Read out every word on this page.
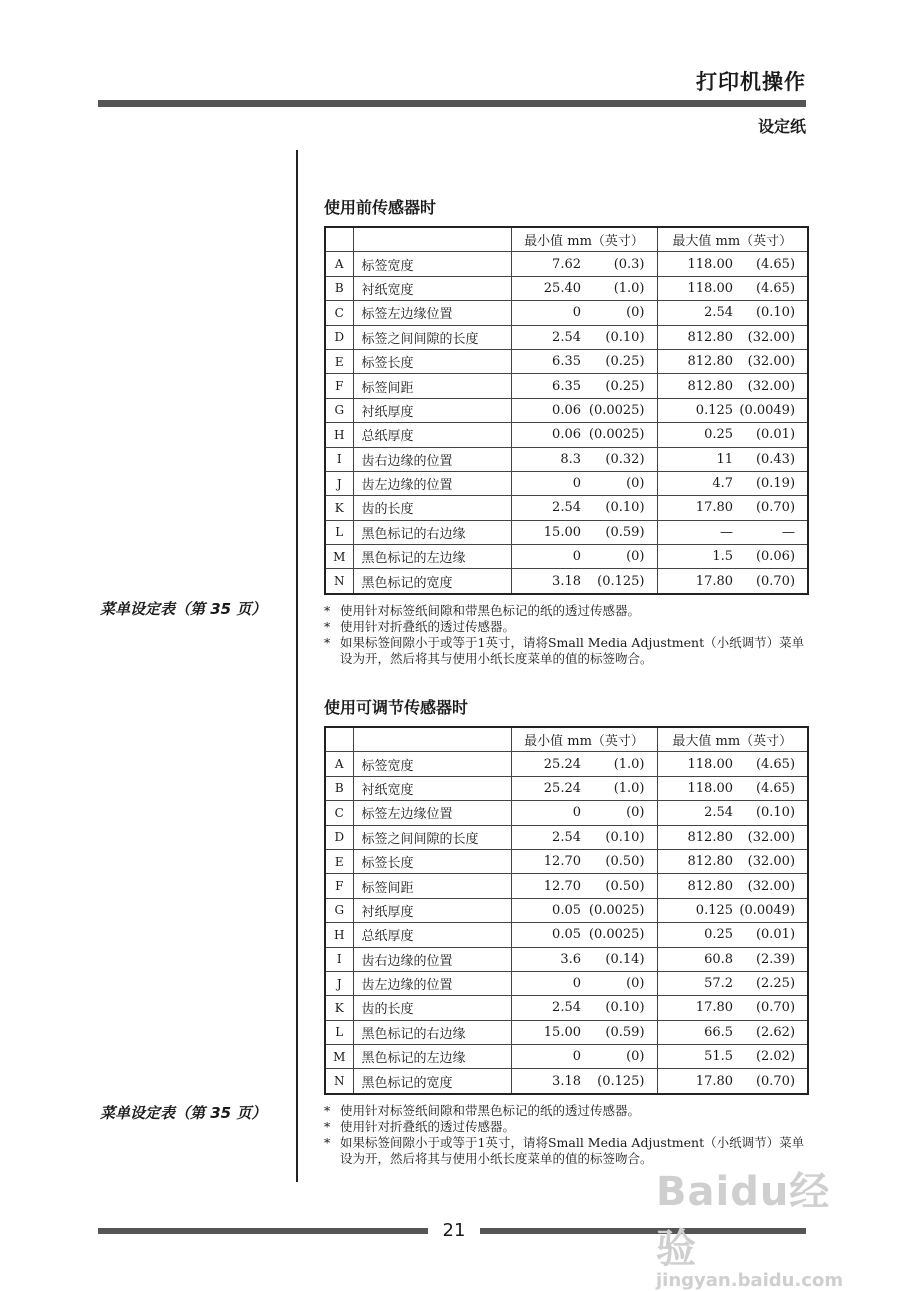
打印机操作
设定纸
菜单设定表（第 35 页）
菜单设定表（第 35 页）
使用前传感器时
		最小值 mm（英寸）		最大值 mm（英寸）	
A	标签宽度	7.62	(0.3)	118.00	(4.65)
B	衬纸宽度	25.40	(1.0)	118.00	(4.65)
C	标签左边缘位置	0	(0)	2.54	(0.10)
D	标签之间间隙的长度	2.54	(0.10)	812.80	(32.00)
E	标签长度	6.35	(0.25)	812.80	(32.00)
F	标签间距	6.35	(0.25)	812.80	(32.00)
G	衬纸厚度	0.06	(0.0025)	0.125	(0.0049)
H	总纸厚度	0.06	(0.0025)	0.25	(0.01)
I	齿右边缘的位置	8.3	(0.32)	11	(0.43)
J	齿左边缘的位置	0	(0)	4.7	(0.19)
K	齿的长度	2.54	(0.10)	17.80	(0.70)
L	黑色标记的右边缘	15.00	(0.59)	—	—
M	黑色标记的左边缘	0	(0)	1.5	(0.06)
N	黑色标记的宽度	3.18	(0.125)	17.80	(0.70)
* 使用针对标签纸间隙和带黑色标记的纸的透过传感器。
* 使用针对折叠纸的透过传感器。
* 如果标签间隙小于或等于1英寸，请将Small Media Adjustment（小纸调节）菜单设为开，然后将其与使用小纸长度菜单的值的标签吻合。
使用可调节传感器时
		最小值 mm（英寸）		最大值 mm（英寸）	
A	标签宽度	25.24	(1.0)	118.00	(4.65)
B	衬纸宽度	25.24	(1.0)	118.00	(4.65)
C	标签左边缘位置	0	(0)	2.54	(0.10)
D	标签之间间隙的长度	2.54	(0.10)	812.80	(32.00)
E	标签长度	12.70	(0.50)	812.80	(32.00)
F	标签间距	12.70	(0.50)	812.80	(32.00)
G	衬纸厚度	0.05	(0.0025)	0.125	(0.0049)
H	总纸厚度	0.05	(0.0025)	0.25	(0.01)
I	齿右边缘的位置	3.6	(0.14)	60.8	(2.39)
J	齿左边缘的位置	0	(0)	57.2	(2.25)
K	齿的长度	2.54	(0.10)	17.80	(0.70)
L	黑色标记的右边缘	15.00	(0.59)	66.5	(2.62)
M	黑色标记的左边缘	0	(0)	51.5	(2.02)
N	黑色标记的宽度	3.18	(0.125)	17.80	(0.70)
* 使用针对标签纸间隙和带黑色标记的纸的透过传感器。
* 使用针对折叠纸的透过传感器。
* 如果标签间隙小于或等于1英寸，请将Small Media Adjustment（小纸调节）菜单设为开，然后将其与使用小纸长度菜单的值的标签吻合。
21
Baidu经验
jingyan.baidu.com
